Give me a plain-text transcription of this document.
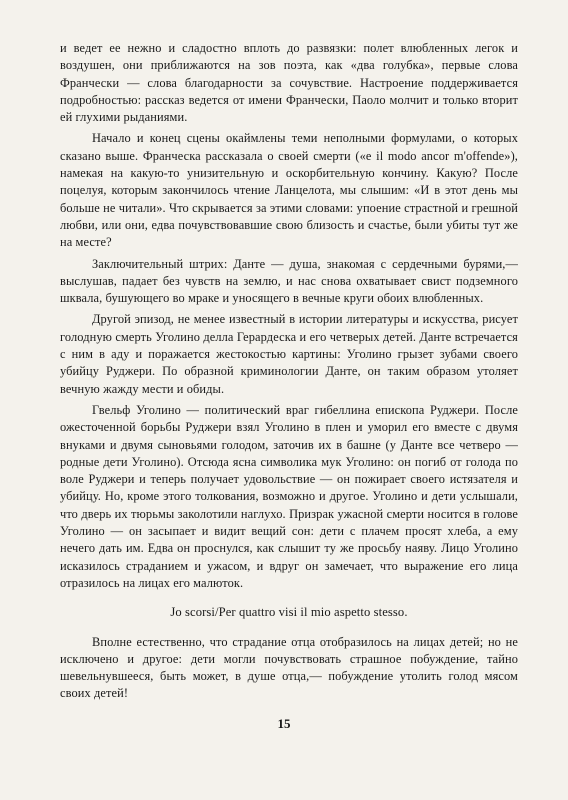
и ведет ее нежно и сладостно вплоть до развязки: полет влюбленных легок и воздушен, они приближаются на зов поэта, как «два голубка», первые слова Франчески — слова благодарности за сочувствие. Настроение поддерживается подробностью: рассказ ведется от имени Франчески, Паоло молчит и только вторит ей глухими рыданиями.

Начало и конец сцены окаймлены теми неполными формулами, о которых сказано выше. Франческа рассказала о своей смерти («e il modo ancor m'offende»), намекая на какую-то унизительную и оскорбительную кончину. Какую? После поцелуя, которым закончилось чтение Ланцелота, мы слышим: «И в этот день мы больше не читали». Что скрывается за этими словами: упоение страстной и грешной любви, или они, едва почувствовавшие свою близость и счастье, были убиты тут же на месте?

Заключительный штрих: Данте — душа, знакомая с сердечными бурями,— выслушав, падает без чувств на землю, и нас снова охватывает свист подземного шквала, бушующего во мраке и уносящего в вечные круги обоих влюбленных.

Другой эпизод, не менее известный в истории литературы и искусства, рисует голодную смерть Уголино делла Герардеска и его четверых детей. Данте встречается с ним в аду и поражается жестокостью картины: Уголино грызет зубами своего убийцу Руджери. По образной криминологии Данте, он таким образом утоляет вечную жажду мести и обиды.

Гвельф Уголино — политический враг гибеллина епископа Руджери. После ожесточенной борьбы Руджери взял Уголино в плен и уморил его вместе с двумя внуками и двумя сыновьями голодом, заточив их в башне (у Данте все четверо — родные дети Уголино). Отсюда ясна символика мук Уголино: он погиб от голода по воле Руджери и теперь получает удовольствие — он пожирает своего истязателя и убийцу. Но, кроме этого толкования, возможно и другое. Уголино и дети услышали, что дверь их тюрьмы заколотили наглухо. Призрак ужасной смерти носится в голове Уголино — он засыпает и видит вещий сон: дети с плачем просят хлеба, а ему нечего дать им. Едва он проснулся, как слышит ту же просьбу наяву. Лицо Уголино исказилось страданием и ужасом, и вдруг он замечает, что выражение его лица отразилось на лицах его малюток.

Jo scorsi/Per quattro visi il mio aspetto stesso.

Вполне естественно, что страдание отца отобразилось на лицах детей; но не исключено и другое: дети могли почувствовать страшное побуждение, тайно шевельнувшееся, быть может, в душе отца,— побуждение утолить голод мясом своих детей!

15
